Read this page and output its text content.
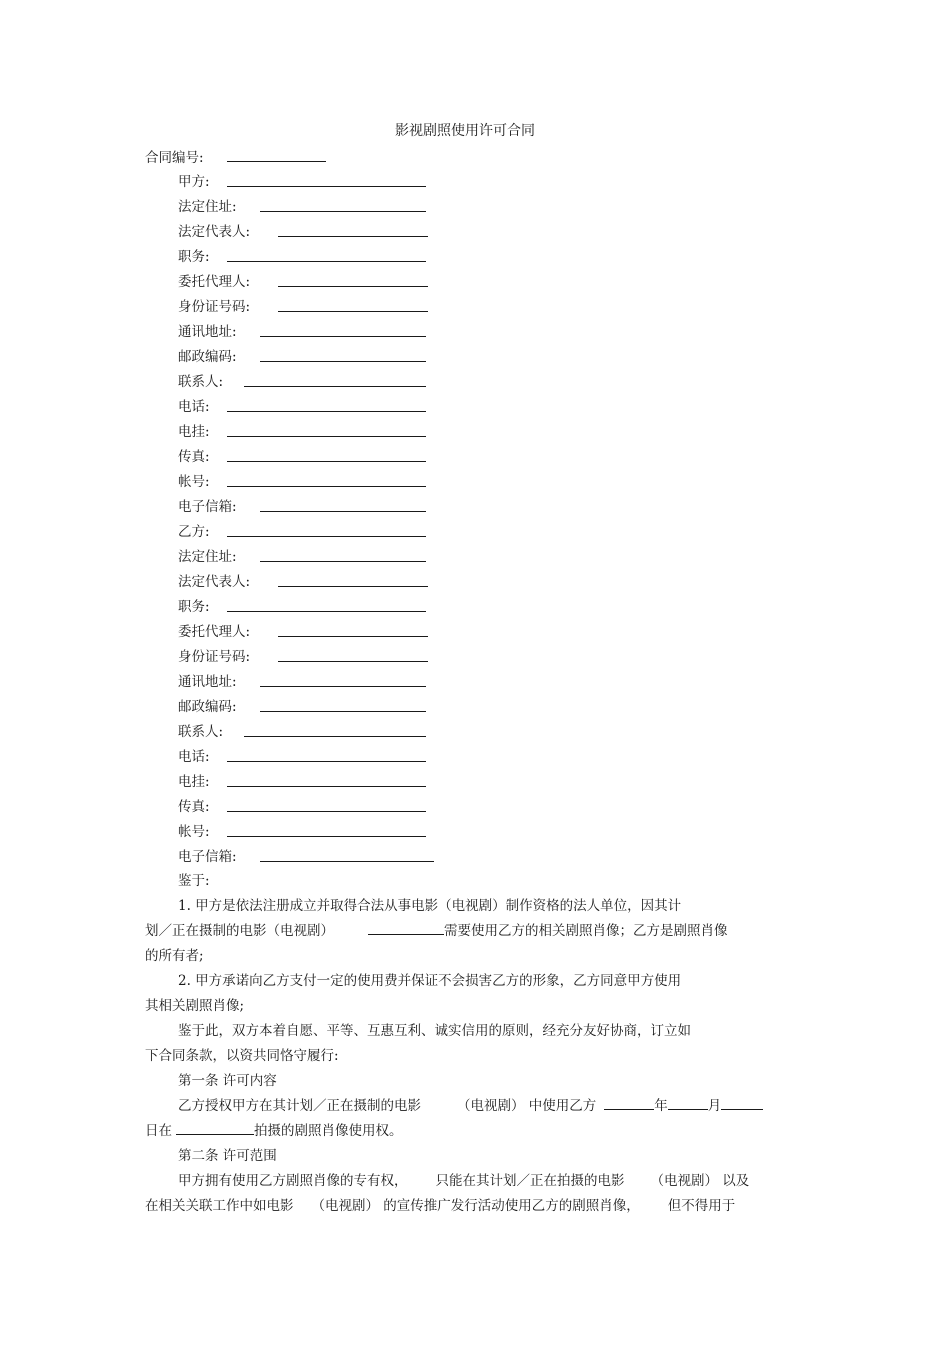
影视剧照使用许可合同
合同编号:
甲方:
法定住址:
法定代表人:
职务:
委托代理人:
身份证号码:
通讯地址:
邮政编码:
联系人:
电话:
电挂:
传真:
帐号:
电子信箱:
乙方:
法定住址:
法定代表人:
职务:
委托代理人:
身份证号码:
通讯地址:
邮政编码:
联系人:
电话:
电挂:
传真:
帐号:
电子信箱:
鉴于:
1. 甲方是依法注册成立并取得合法从事电影（电视剧）制作资格的法人单位，因其计
划／正在摄制的电影（电视剧）	需要使用乙方的相关剧照肖像；乙方是剧照肖像
的所有者;
2. 甲方承诺向乙方支付一定的使用费并保证不会损害乙方的形象，乙方同意甲方使用
其相关剧照肖像;
鉴于此，双方本着自愿、平等、互惠互利、诚实信用的原则，经充分友好协商，订立如
下合同条款，以资共同恪守履行:
第一条 许可内容
乙方授权甲方在其计划／正在摄制的电影	（电视剧） 中使用乙方	年	月
日在	拍摄的剧照肖像使用权。
第二条 许可范围
甲方拥有使用乙方剧照肖像的专有权， 只能在其计划／正在拍摄的电影 （电视剧） 以及
在相关关联工作中如电影 （电视剧） 的宣传推广发行活动使用乙方的剧照肖像， 但不得用于
